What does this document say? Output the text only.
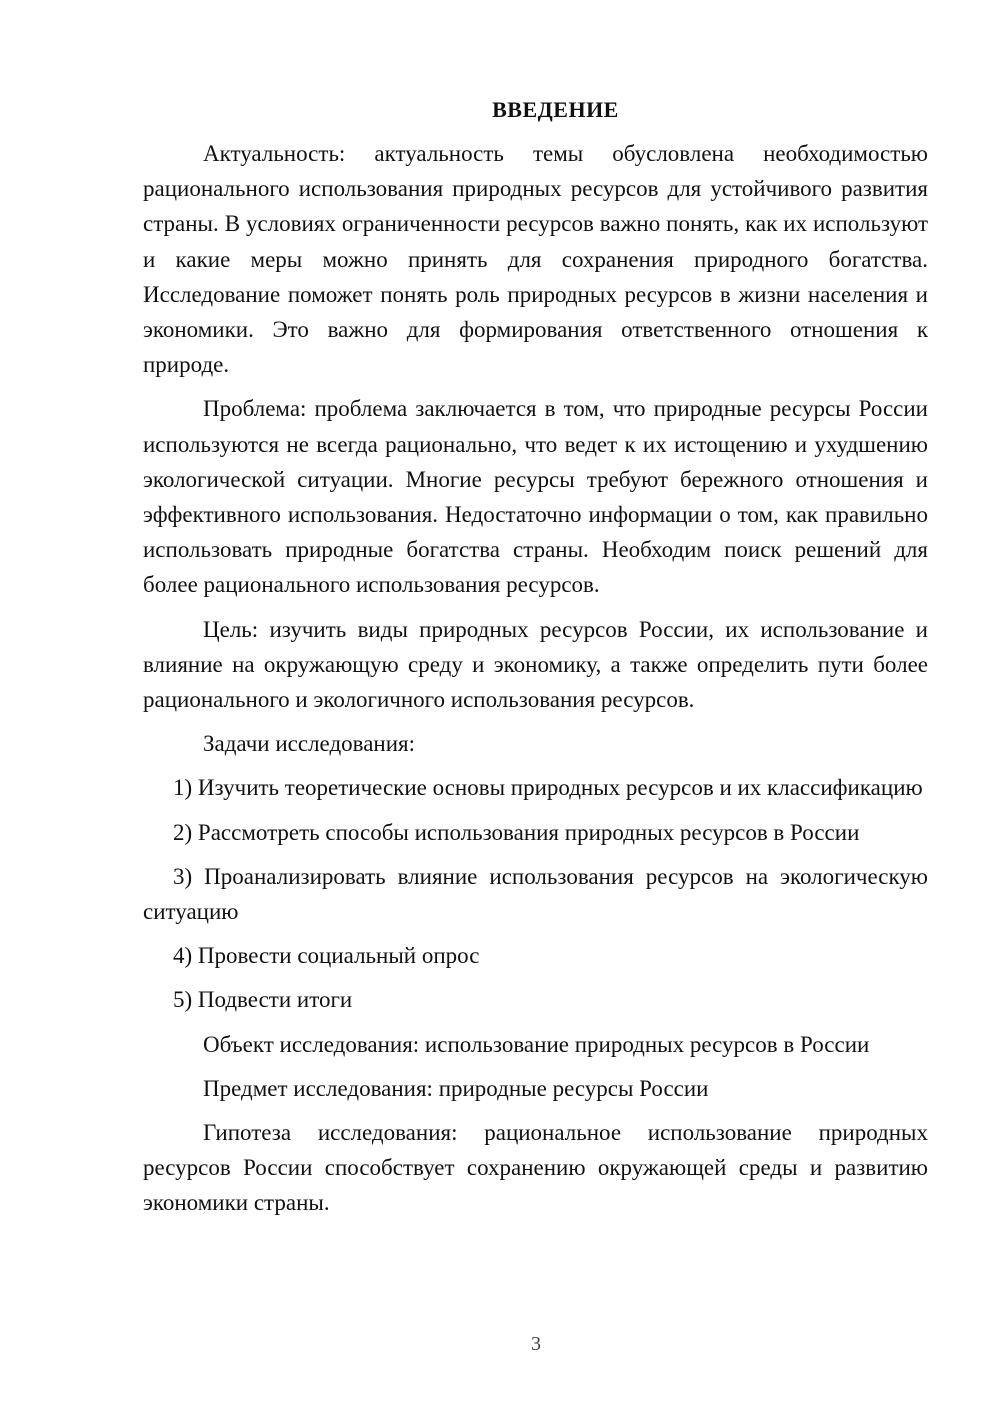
ВВЕДЕНИЕ

Актуальность: актуальность темы обусловлена необходимостью рационального использования природных ресурсов для устойчивого развития страны. В условиях ограниченности ресурсов важно понять, как их используют и какие меры можно принять для сохранения природного богатства. Исследование поможет понять роль природных ресурсов в жизни населения и экономики. Это важно для формирования ответственного отношения к природе.

Проблема: проблема заключается в том, что природные ресурсы России используются не всегда рационально, что ведет к их истощению и ухудшению экологической ситуации. Многие ресурсы требуют бережного отношения и эффективного использования. Недостаточно информации о том, как правильно использовать природные богатства страны. Необходим поиск решений для более рационального использования ресурсов.

Цель: изучить виды природных ресурсов России, их использование и влияние на окружающую среду и экономику, а также определить пути более рационального и экологичного использования ресурсов.

Задачи исследования:

1) Изучить теоретические основы природных ресурсов и их классификацию

2) Рассмотреть способы использования природных ресурсов в России

3) Проанализировать влияние использования ресурсов на экологическую ситуацию

4) Провести социальный опрос

5) Подвести итоги

Объект исследования: использование природных ресурсов в России

Предмет исследования: природные ресурсы России

Гипотеза исследования: рациональное использование природных ресурсов России способствует сохранению окружающей среды и развитию экономики страны.

3
